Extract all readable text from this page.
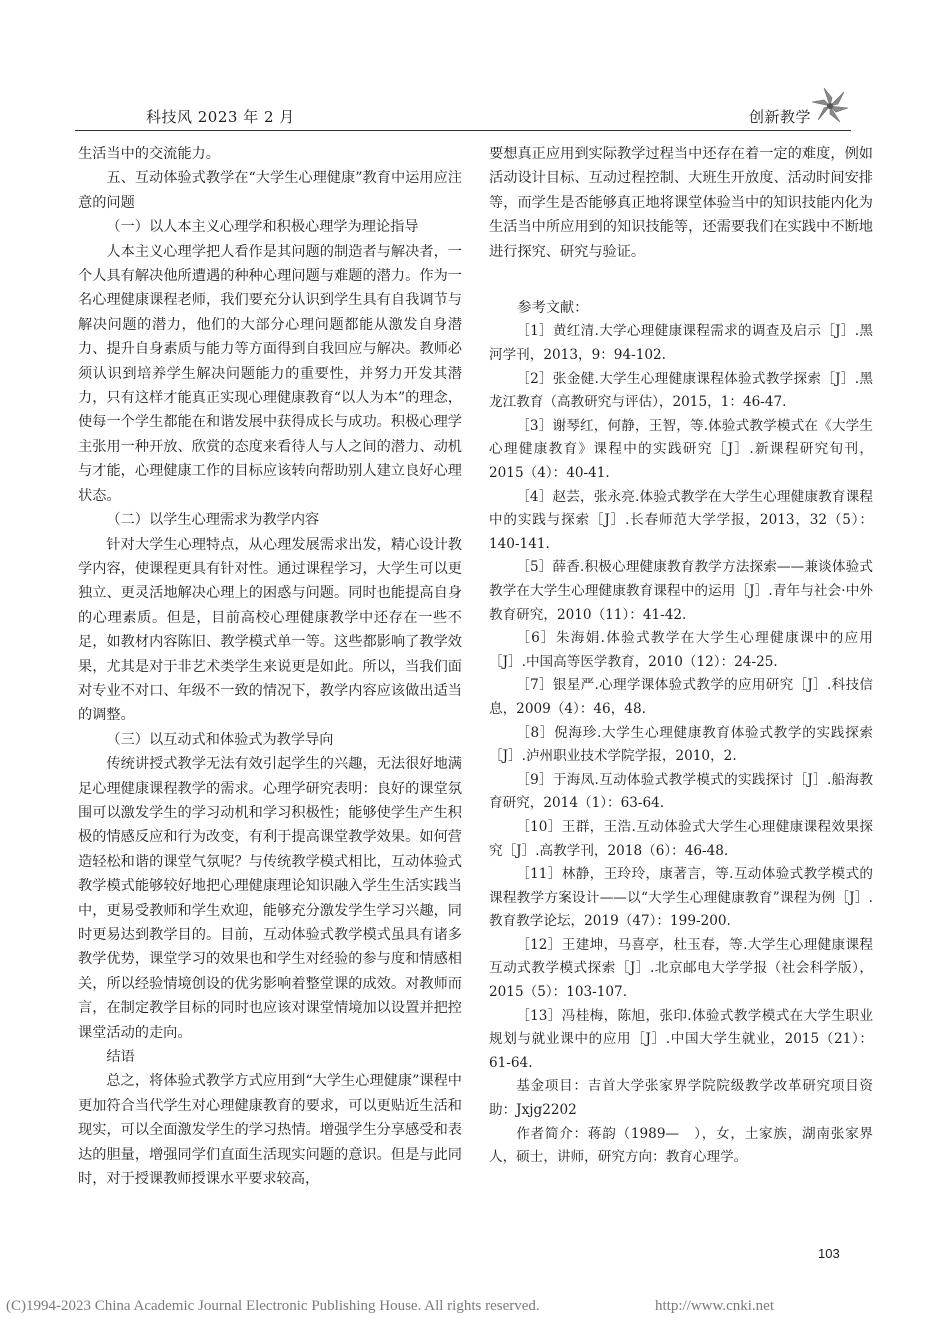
科技风 2023 年 2 月	创新教学

生活当中的交流能力。

五、互动体验式教学在“大学生心理健康”教育中运用应注意的问题

（一）以人本主义心理学和积极心理学为理论指导

人本主义心理学把人看作是其问题的制造者与解决者，一个人具有解决他所遭遇的种种心理问题与难题的潜力。作为一名心理健康课程老师，我们要充分认识到学生具有自我调节与解决问题的潜力，他们的大部分心理问题都能从激发自身潜力、提升自身素质与能力等方面得到自我回应与解决。教师必须认识到培养学生解决问题能力的重要性，并努力开发其潜力，只有这样才能真正实现心理健康教育“以人为本”的理念，使每一个学生都能在和谐发展中获得成长与成功。积极心理学主张用一种开放、欣赏的态度来看待人与人之间的潜力、动机与才能，心理健康工作的目标应该转向帮助别人建立良好心理状态。

（二）以学生心理需求为教学内容

针对大学生心理特点，从心理发展需求出发，精心设计教学内容，使课程更具有针对性。通过课程学习，大学生可以更独立、更灵活地解决心理上的困惑与问题。同时也能提高自身的心理素质。但是，目前高校心理健康教学中还存在一些不足，如教材内容陈旧、教学模式单一等。这些都影响了教学效果，尤其是对于非艺术类学生来说更是如此。所以，当我们面对专业不对口、年级不一致的情况下，教学内容应该做出适当的调整。

（三）以互动式和体验式为教学导向

传统讲授式教学无法有效引起学生的兴趣，无法很好地满足心理健康课程教学的需求。心理学研究表明：良好的课堂氛围可以激发学生的学习动机和学习积极性；能够使学生产生积极的情感反应和行为改变，有利于提高课堂教学效果。如何营造轻松和谐的课堂气氛呢？与传统教学模式相比，互动体验式教学模式能够较好地把心理健康理论知识融入学生生活实践当中，更易受教师和学生欢迎，能够充分激发学生学习兴趣，同时更易达到教学目的。目前，互动体验式教学模式虽具有诸多教学优势，课堂学习的效果也和学生对经验的参与度和情感相关，所以经验情境创设的优劣影响着整堂课的成效。对教师而言，在制定教学目标的同时也应该对课堂情境加以设置并把控课堂活动的走向。

结语

总之，将体验式教学方式应用到“大学生心理健康”课程中更加符合当代学生对心理健康教育的要求，可以更贴近生活和现实，可以全面激发学生的学习热情。增强学生分享感受和表达的胆量，增强同学们直面生活现实问题的意识。但是与此同时，对于授课教师授课水平要求较高，

要想真正应用到实际教学过程当中还存在着一定的难度，例如活动设计目标、互动过程控制、大班生开放度、活动时间安排等，而学生是否能够真正地将课堂体验当中的知识技能内化为生活当中所应用到的知识技能等，还需要我们在实践中不断地进行探究、研究与验证。

参考文献：

［1］黄红清.大学心理健康课程需求的调查及启示［J］.黑河学刊，2013，9：94-102.

［2］张金健.大学生心理健康课程体验式教学探索［J］.黑龙江教育（高教研究与评估），2015，1：46-47.

［3］谢琴红，何静，王智，等.体验式教学模式在《大学生心理健康教育》课程中的实践研究［J］.新课程研究旬刊，2015（4）：40-41.

［4］赵芸，张永亮.体验式教学在大学生心理健康教育课程中的实践与探索［J］.长春师范大学学报，2013，32（5）：140-141.

［5］薛香.积极心理健康教育教学方法探索——兼谈体验式教学在大学生心理健康教育课程中的运用［J］.青年与社会·中外教育研究，2010（11）：41-42.

［6］朱海娟.体验式教学在大学生心理健康课中的应用［J］.中国高等医学教育，2010（12）：24-25.

［7］银星严.心理学课体验式教学的应用研究［J］.科技信息，2009（4）：46，48.

［8］倪海珍.大学生心理健康教育体验式教学的实践探索［J］.泸州职业技术学院学报，2010，2.

［9］于海凤.互动体验式教学模式的实践探讨［J］.船海教育研究，2014（1）：63-64.

［10］王群，王浩.互动体验式大学生心理健康课程效果探究［J］.高教学刊，2018（6）：46-48.

［11］林静，王玲玲，康著言，等.互动体验式教学模式的课程教学方案设计——以“大学生心理健康教育”课程为例［J］.教育教学论坛，2019（47）：199-200.

［12］王建坤，马喜亭，杜玉春，等.大学生心理健康课程互动式教学模式探索［J］.北京邮电大学学报（社会科学版），2015（5）：103-107.

［13］冯桂梅，陈旭，张印.体验式教学模式在大学生职业规划与就业课中的应用［J］.中国大学生就业，2015（21）：61-64.

基金项目：吉首大学张家界学院院级教学改革研究项目资助：Jxjg2202

作者简介：蒋韵（1989—　），女，土家族，湖南张家界人，硕士，讲师，研究方向：教育心理学。

103
(C)1994-2023 China Academic Journal Electronic Publishing House. All rights reserved.	http://www.cnki.net
